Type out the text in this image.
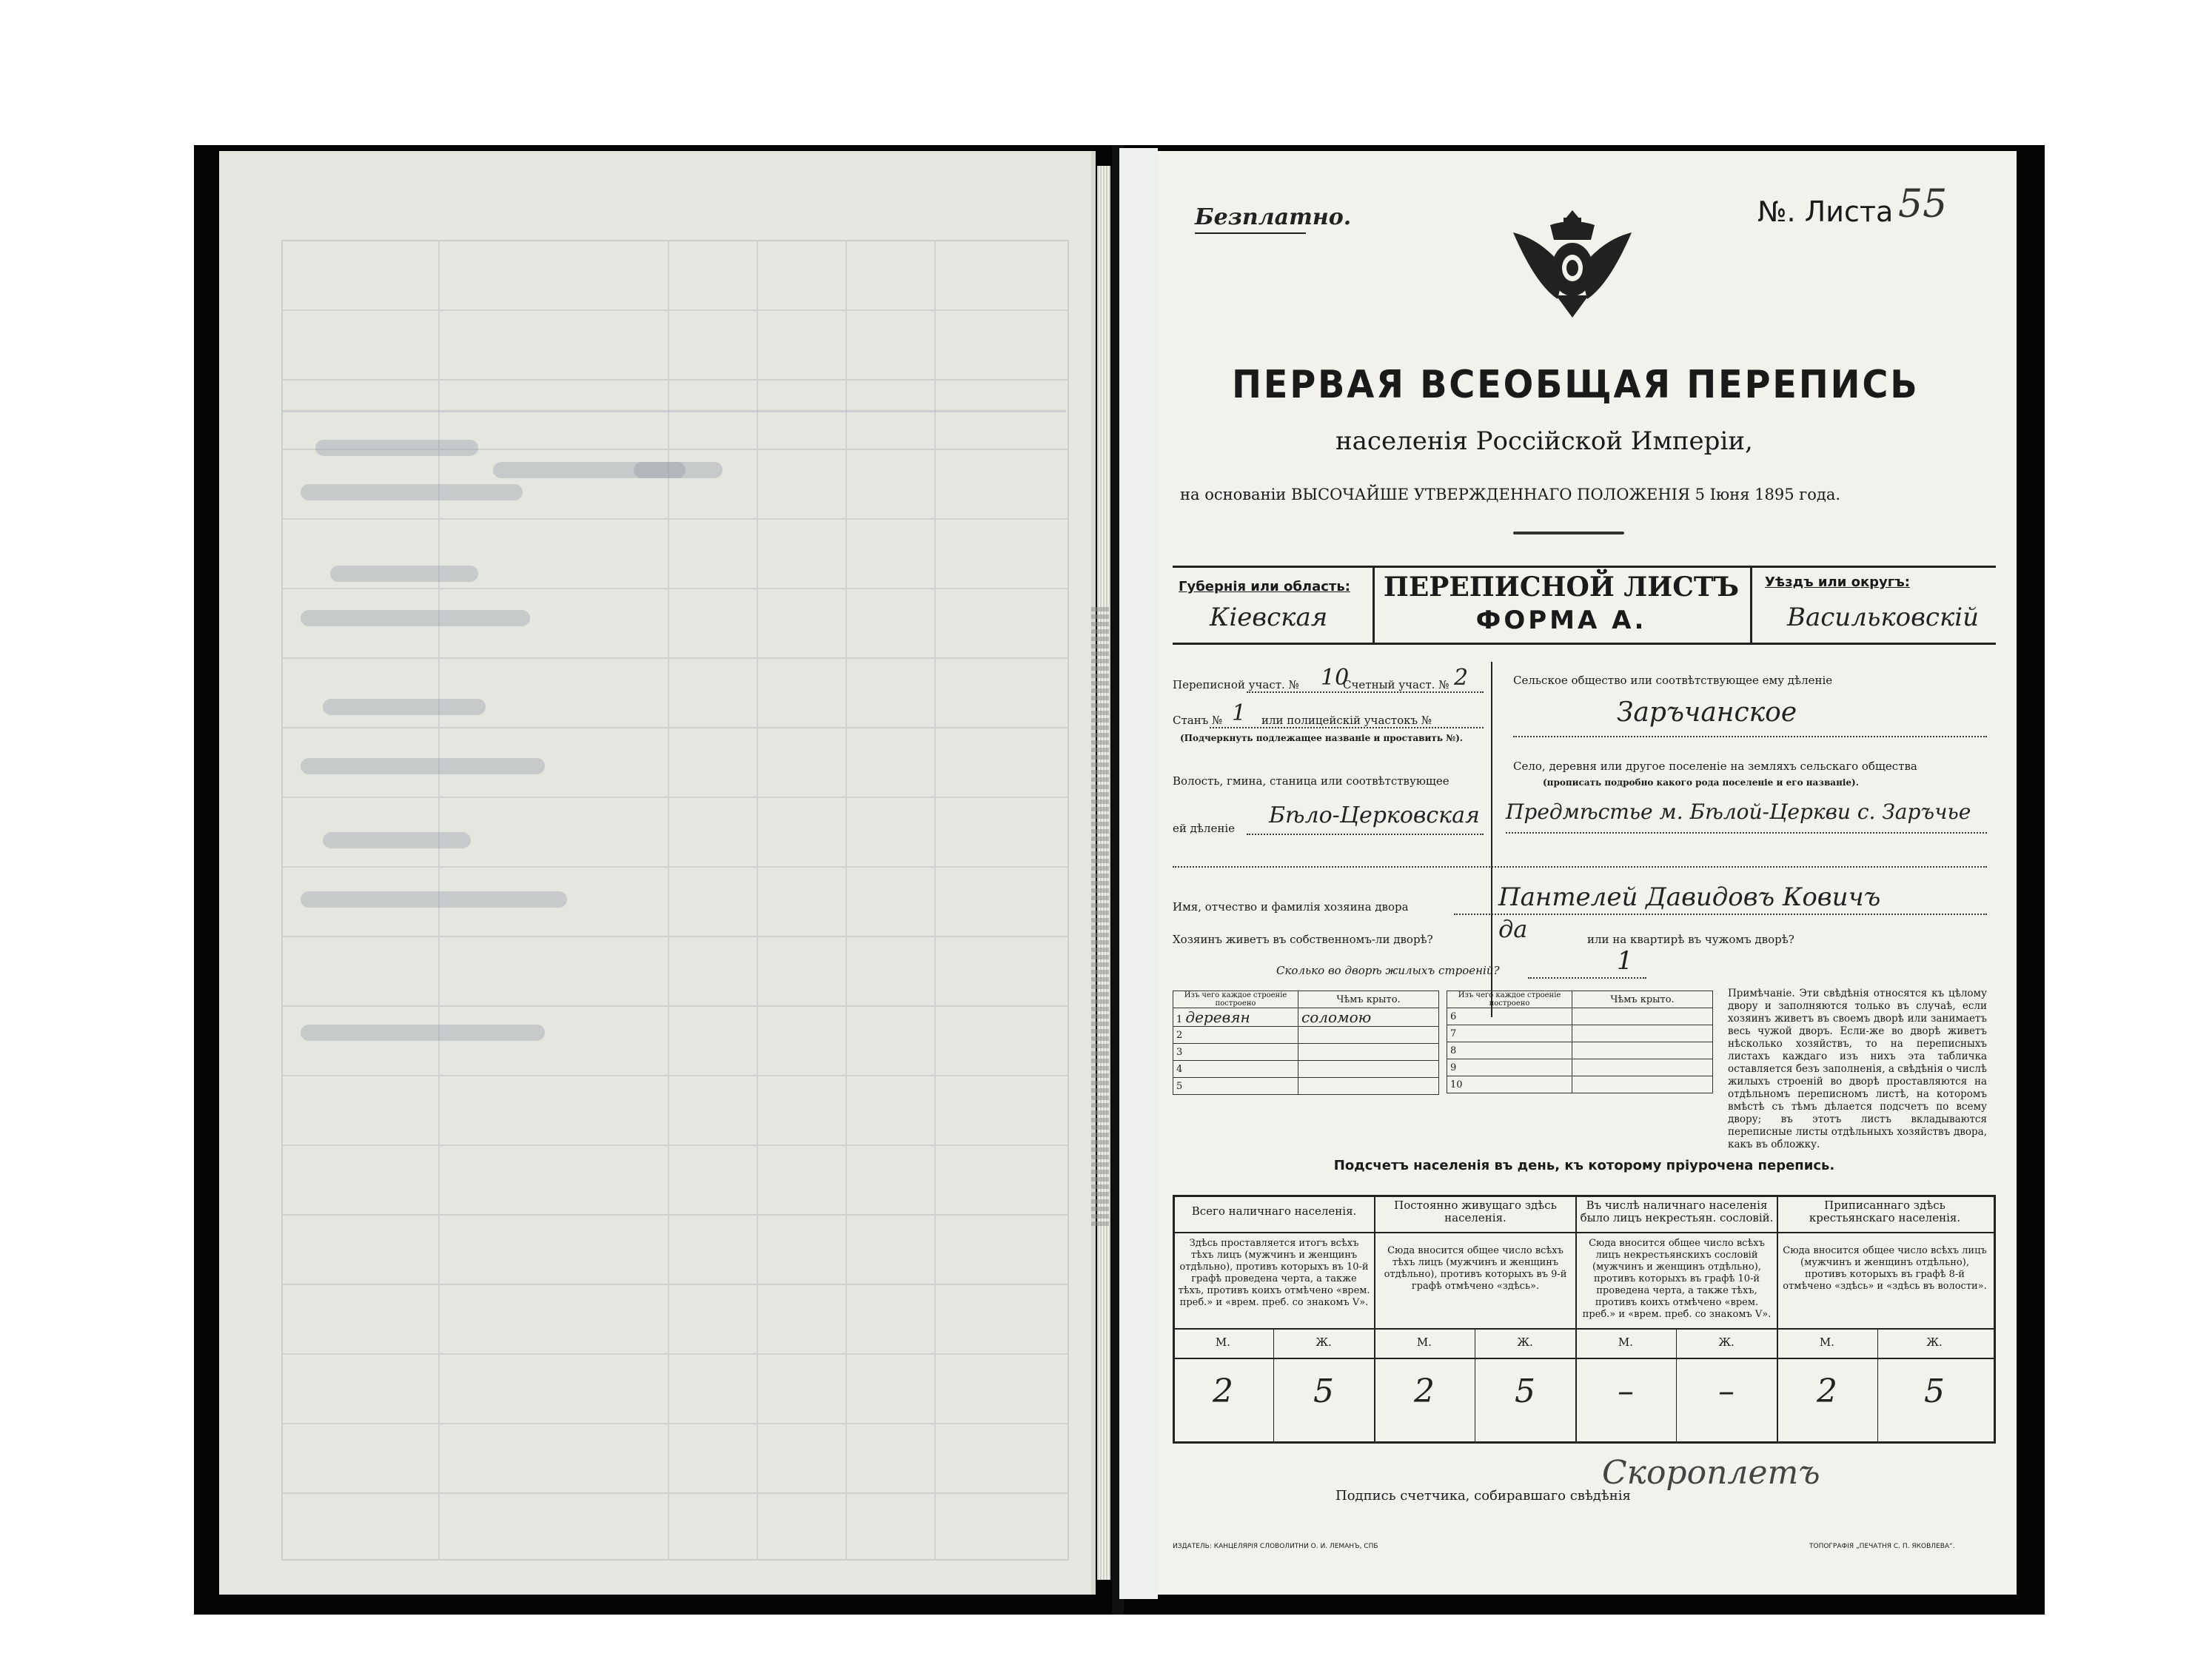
Безплатно.	№. Листа 55
ПЕРВАЯ ВСЕОБЩАЯ ПЕРЕПИСЬ
населенія Россійской Имперіи,
на основаніи ВЫСОЧАЙШЕ УТВЕРЖДЕННАГО ПОЛОЖЕНІЯ 5 Іюня 1895 года.
Губернія или область:
Кіевская
ПЕРЕПИСНОЙ ЛИСТЪ
ФОРМА А.
Уѣздъ или округъ:
Васильковскій
Переписной участ. № 10
Счетный участ. № 2
Станъ № 1 или полицейскій участокъ №
(Подчеркнуть подлежащее названіе и проставить №).
Волость, гмина, станица или соотвѣтствующее
ей дѣленіе Бѣло-Церковская
Сельское общество или соотвѣтствующее ему дѣленіе
Заръчанское
Село, деревня или другое поселеніе на земляхъ сельскаго общества
(прописать подробно какого рода поселеніе и его названіе).
Предмѣстье м. Бѣлой-Церкви с. Заръчье
Имя, отчество и фамилія хозяина двора	Пантелей Давидовъ Ковичъ
Хозяинъ живетъ въ собственномъ-ли дворѣ?	да	или на квартирѣ въ чужомъ дворѣ?
Сколько во дворѣ жилыхъ строеній?	1
Изъ чего каждое строеніе построено	Чѣмъ крыто.
1 деревян	соломою
2	
3	
4	
5	
Изъ чего каждое строеніе построено	Чѣмъ крыто.
6	
7	
8	
9	
10	
Примѣчаніе. Эти свѣдѣнія относятся къ цѣлому двору и заполняются только въ случаѣ, если хозяинъ живетъ въ своемъ дворѣ или занимаетъ весь чужой дворъ. Если-же во дворѣ живетъ нѣсколько хозяйствъ, то на переписныхъ листахъ каждаго изъ нихъ эта табличка оставляется безъ заполненія, а свѣдѣнія о числѣ жилыхъ строеній во дворѣ проставляются на отдѣльномъ переписномъ листѣ, на которомъ вмѣстѣ съ тѣмъ дѣлается подсчетъ по всему двору; въ этотъ листъ вкладываются переписные листы отдѣльныхъ хозяйствъ двора, какъ въ обложку.
Подсчетъ населенія въ день, къ которому пріурочена перепись.
Всего наличнаго населенія.	Постоянно живущаго здѣсь населенія.
Въ числѣ наличнаго населенія было лицъ некрестьян. сословій.
Приписаннаго здѣсь крестьянскаго населенія.
Здѣсь проставляется итогъ всѣхъ тѣхъ лицъ (мужчинъ и женщинъ отдѣльно), противъ которыхъ въ 10-й графѣ проведена черта, а также тѣхъ, противъ коихъ отмѣчено «врем. преб.» и «врем. преб. со знакомъ V».
Сюда вносится общее число всѣхъ тѣхъ лицъ (мужчинъ и женщинъ отдѣльно), противъ которыхъ въ 9-й графѣ отмѣчено «здѣсь».
Сюда вносится общее число всѣхъ лицъ некрестьянскихъ сословій (мужчинъ и женщинъ отдѣльно), противъ которыхъ въ графѣ 10-й проведена черта, а также тѣхъ, противъ коихъ отмѣчено «врем. преб.» и «врем. преб. со знакомъ V».
Сюда вносится общее число всѣхъ лицъ (мужчинъ и женщинъ отдѣльно), противъ которыхъ въ графѣ 8-й отмѣчено «здѣсь» и «здѣсь въ волости».
М.	Ж.	М.	Ж.	М.	Ж.	М.	Ж.
2	5	2	5	–	–	2	5
Подпись счетчика, собиравшаго свѣдѣнія
Скороплетъ
ИЗДАТЕЛЬ: КАНЦЕЛЯРІЯ СЛОВОЛИТНИ О. И. ЛЕМАНЪ, СПБ	ТОПОГРАФІЯ „ПЕЧАТНЯ С. П. ЯКОВЛЕВА“.
